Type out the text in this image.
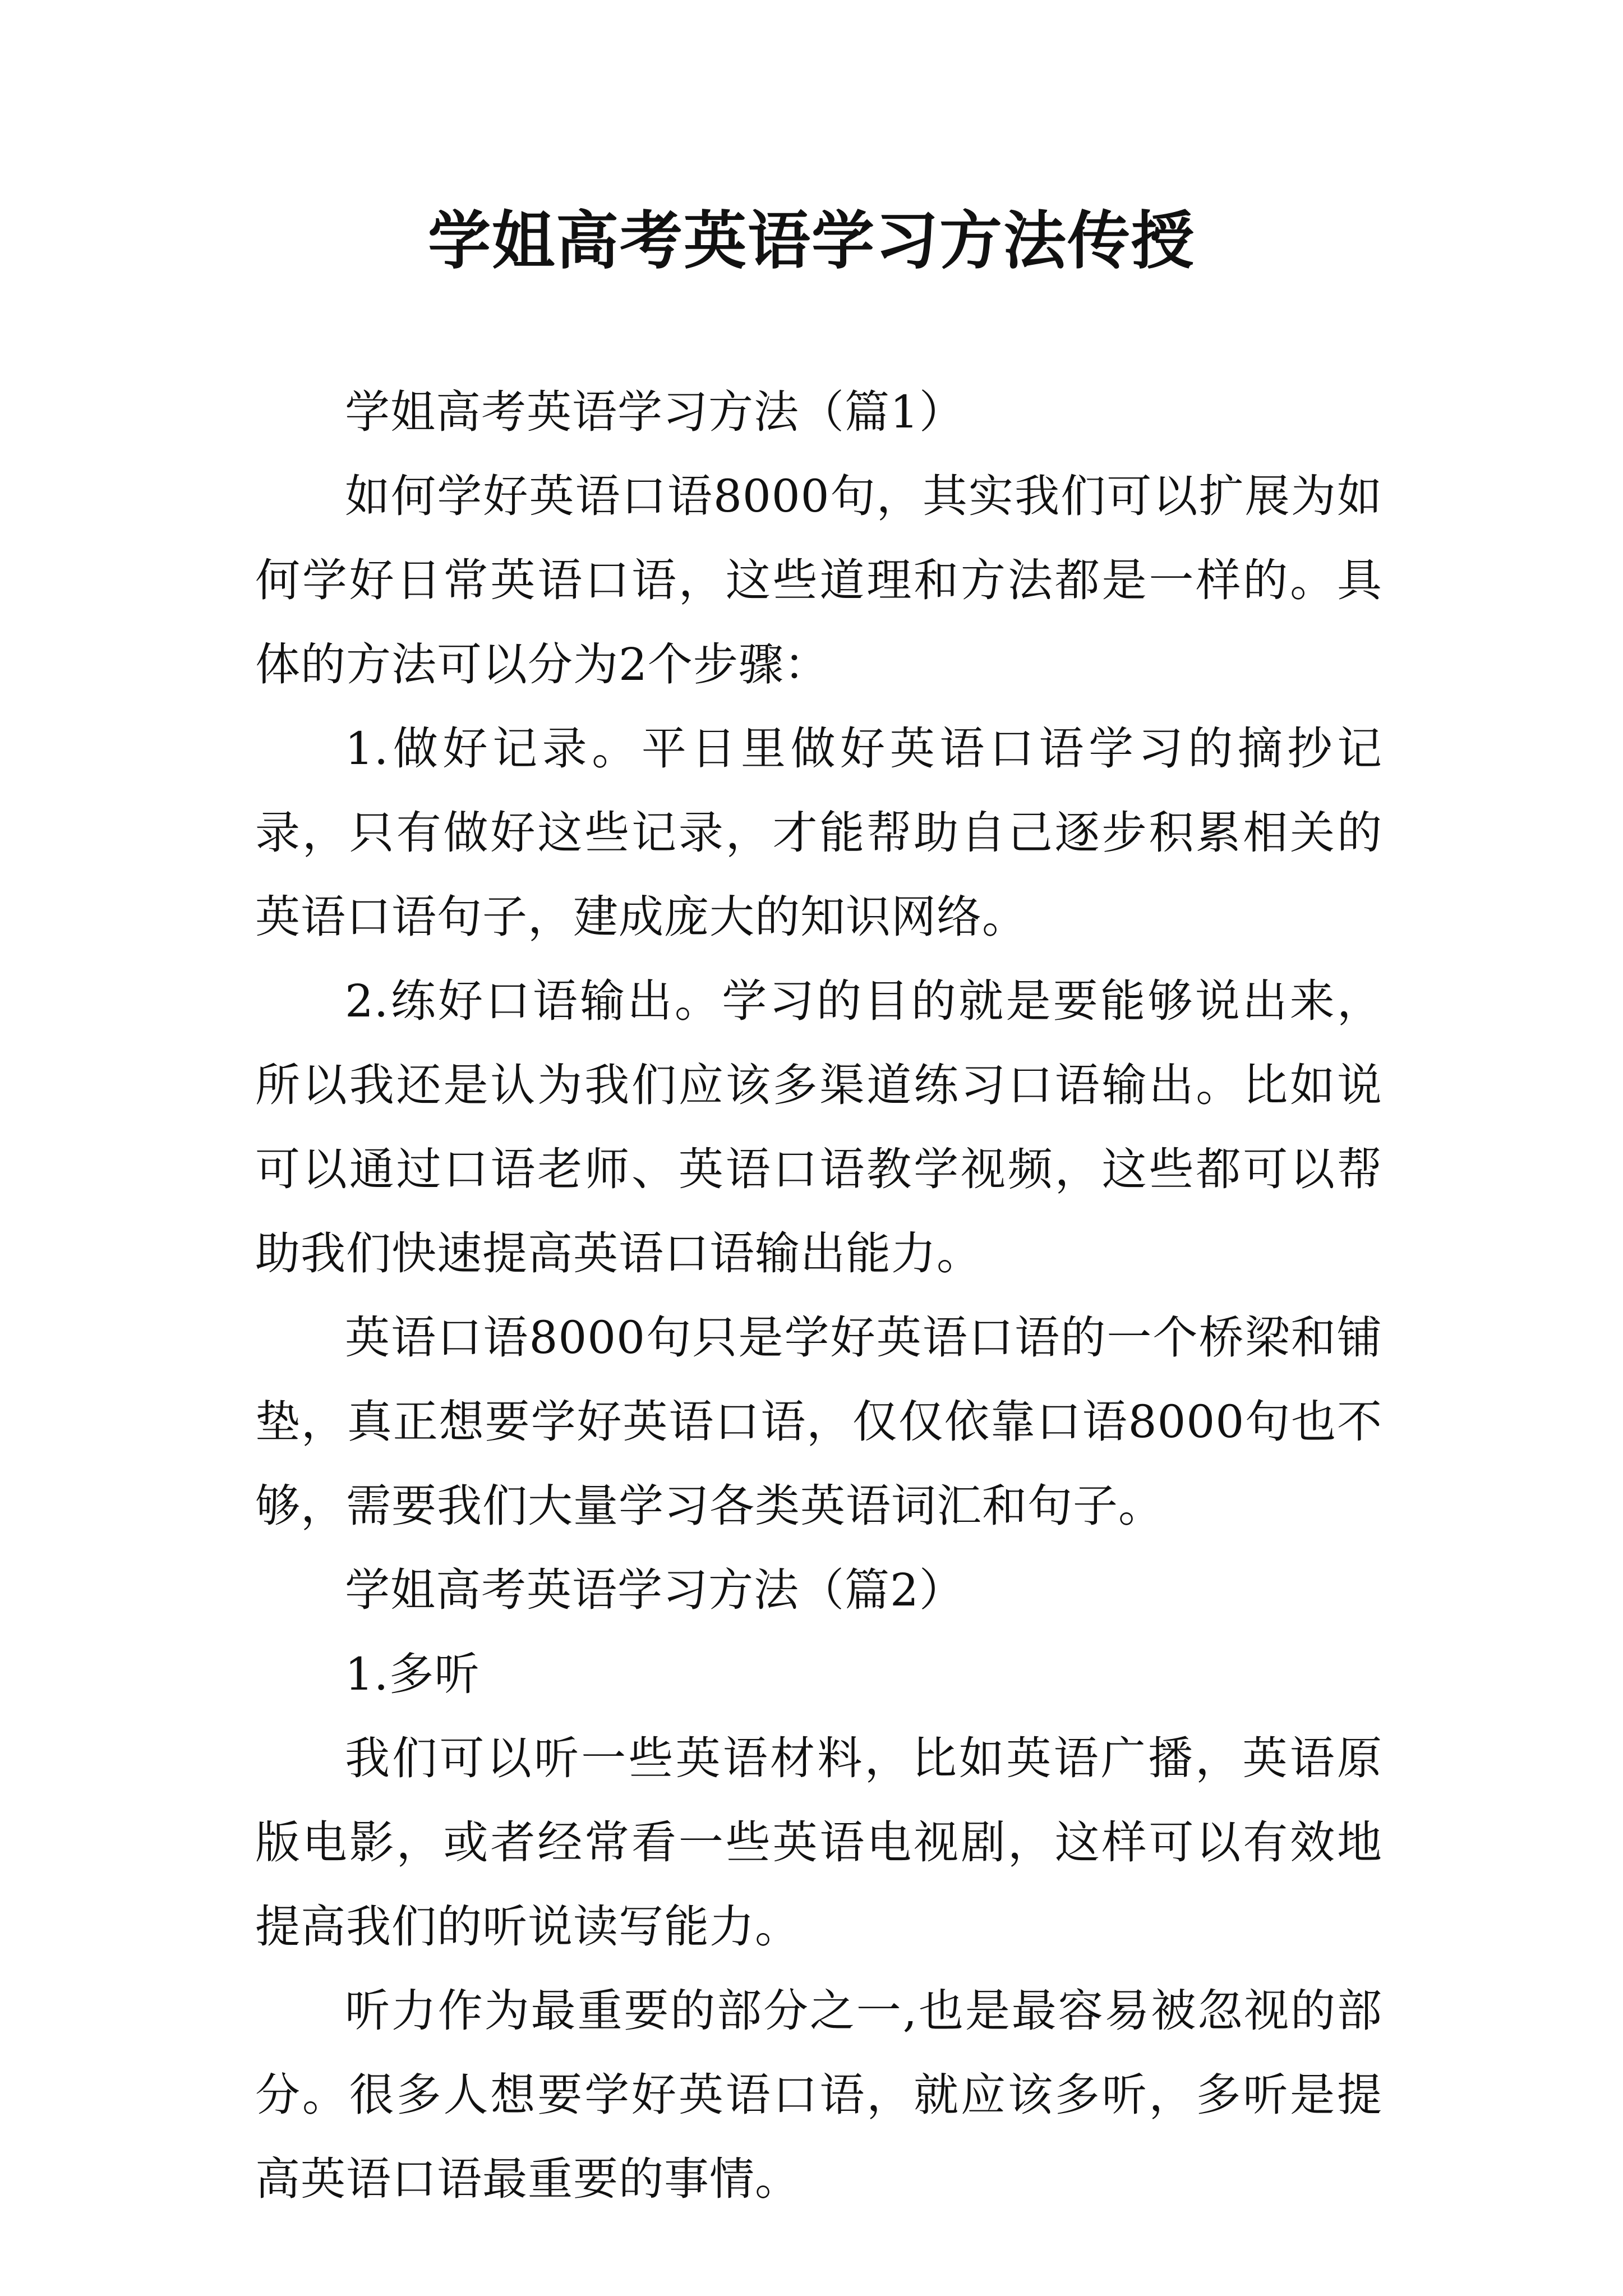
学姐高考英语学习方法传授

学姐高考英语学习方法（篇1）

如何学好英语口语8000句，其实我们可以扩展为如何学好日常英语口语，这些道理和方法都是一样的。具体的方法可以分为2个步骤：

1.做好记录。平日里做好英语口语学习的摘抄记录，只有做好这些记录，才能帮助自己逐步积累相关的英语口语句子，建成庞大的知识网络。

2.练好口语输出。学习的目的就是要能够说出来，所以我还是认为我们应该多渠道练习口语输出。比如说可以通过口语老师、英语口语教学视频，这些都可以帮助我们快速提高英语口语输出能力。

英语口语8000句只是学好英语口语的一个桥梁和铺垫，真正想要学好英语口语，仅仅依靠口语8000句也不够，需要我们大量学习各类英语词汇和句子。

学姐高考英语学习方法（篇2）

1.多听

我们可以听一些英语材料，比如英语广播，英语原版电影，或者经常看一些英语电视剧，这样可以有效地提高我们的听说读写能力。

听力作为最重要的部分之一,也是最容易被忽视的部分。很多人想要学好英语口语，就应该多听，多听是提高英语口语最重要的事情。
